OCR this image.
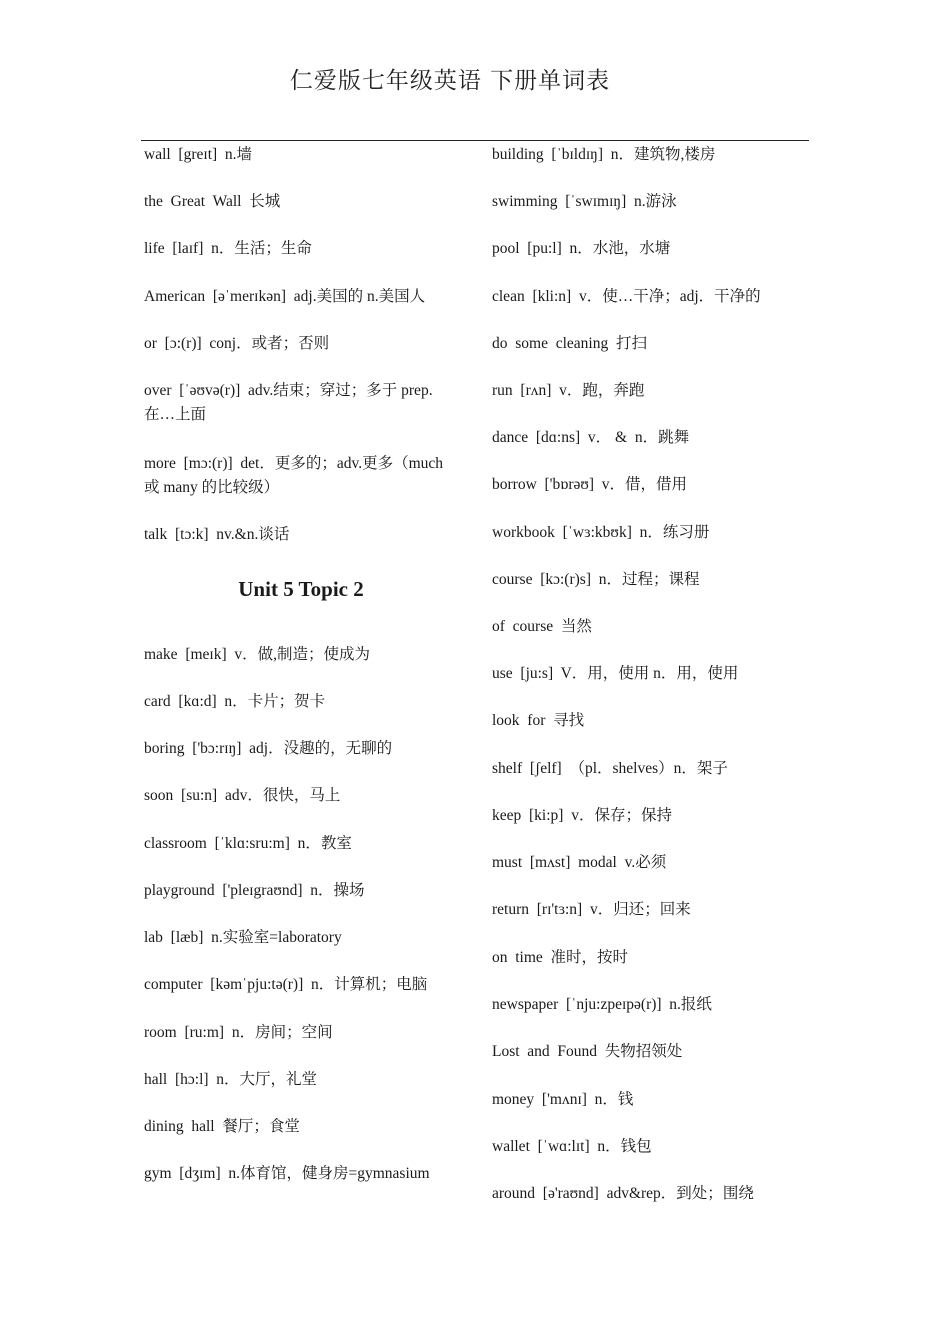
仁爱版七年级英语 下册单词表
wall  [greɪt]  n.墙
the  Great  Wall  长城
life  [laɪf]  n．生活；生命
American  [əˈmerɪkən]  adj.美国的 n.美国人
or  [ɔ:(r)]  conj．或者；否则
over  [ˈəʊvə(r)]  adv.结束；穿过；多于 prep.在…上面
more  [mɔ:(r)]  det．更多的；adv.更多（much 或 many 的比较级）
talk  [tɔ:k]  nv.&n.谈话
Unit 5 Topic 2
make  [meɪk]  v．做,制造；使成为
card  [kɑ:d]  n．卡片；贺卡
boring  ['bɔ:rɪŋ]  adj．没趣的，无聊的
soon  [su:n]  adv．很快，马上
classroom  [ˈklɑ:sru:m]  n．教室
playground  ['pleɪgraʊnd]  n．操场
lab  [læb]  n.实验室=laboratory
computer  [kəmˈpju:tə(r)]  n．计算机；电脑
room  [ru:m]  n．房间；空间
hall  [hɔ:l]  n．大厅，礼堂
dining  hall  餐厅；食堂
gym  [dʒɪm]  n.体育馆，健身房=gymnasium
building  [ˈbɪldɪŋ]  n．建筑物,楼房
swimming  [ˈswɪmɪŋ]  n.游泳
pool  [pu:l]  n．水池，水塘
clean  [kli:n]  v．使…干净；adj．干净的
do  some  cleaning  打扫
run  [rʌn]  v．跑，奔跑
dance  [dɑ:ns]  v． &  n．跳舞
borrow  ['bɒrəʊ]  v．借，借用
workbook  [ˈwɜ:kbʊk]  n．练习册
course  [kɔ:(r)s]  n．过程；课程
of  course  当然
use  [ju:s]  V．用，使用 n．用，使用
look  for  寻找
shelf  [ʃelf]  （pl．shelves）n．架子
keep  [ki:p]  v．保存；保持
must  [mʌst]  modal  v.必须
return  [rɪ'tɜ:n]  v．归还；回来
on  time  准时，按时
newspaper  [ˈnju:zpeɪpə(r)]  n.报纸
Lost  and  Found  失物招领处
money  ['mʌnɪ]  n．钱
wallet  [ˈwɑ:lɪt]  n．钱包
around  [ə'raʊnd]  adv&rep．到处；围绕
